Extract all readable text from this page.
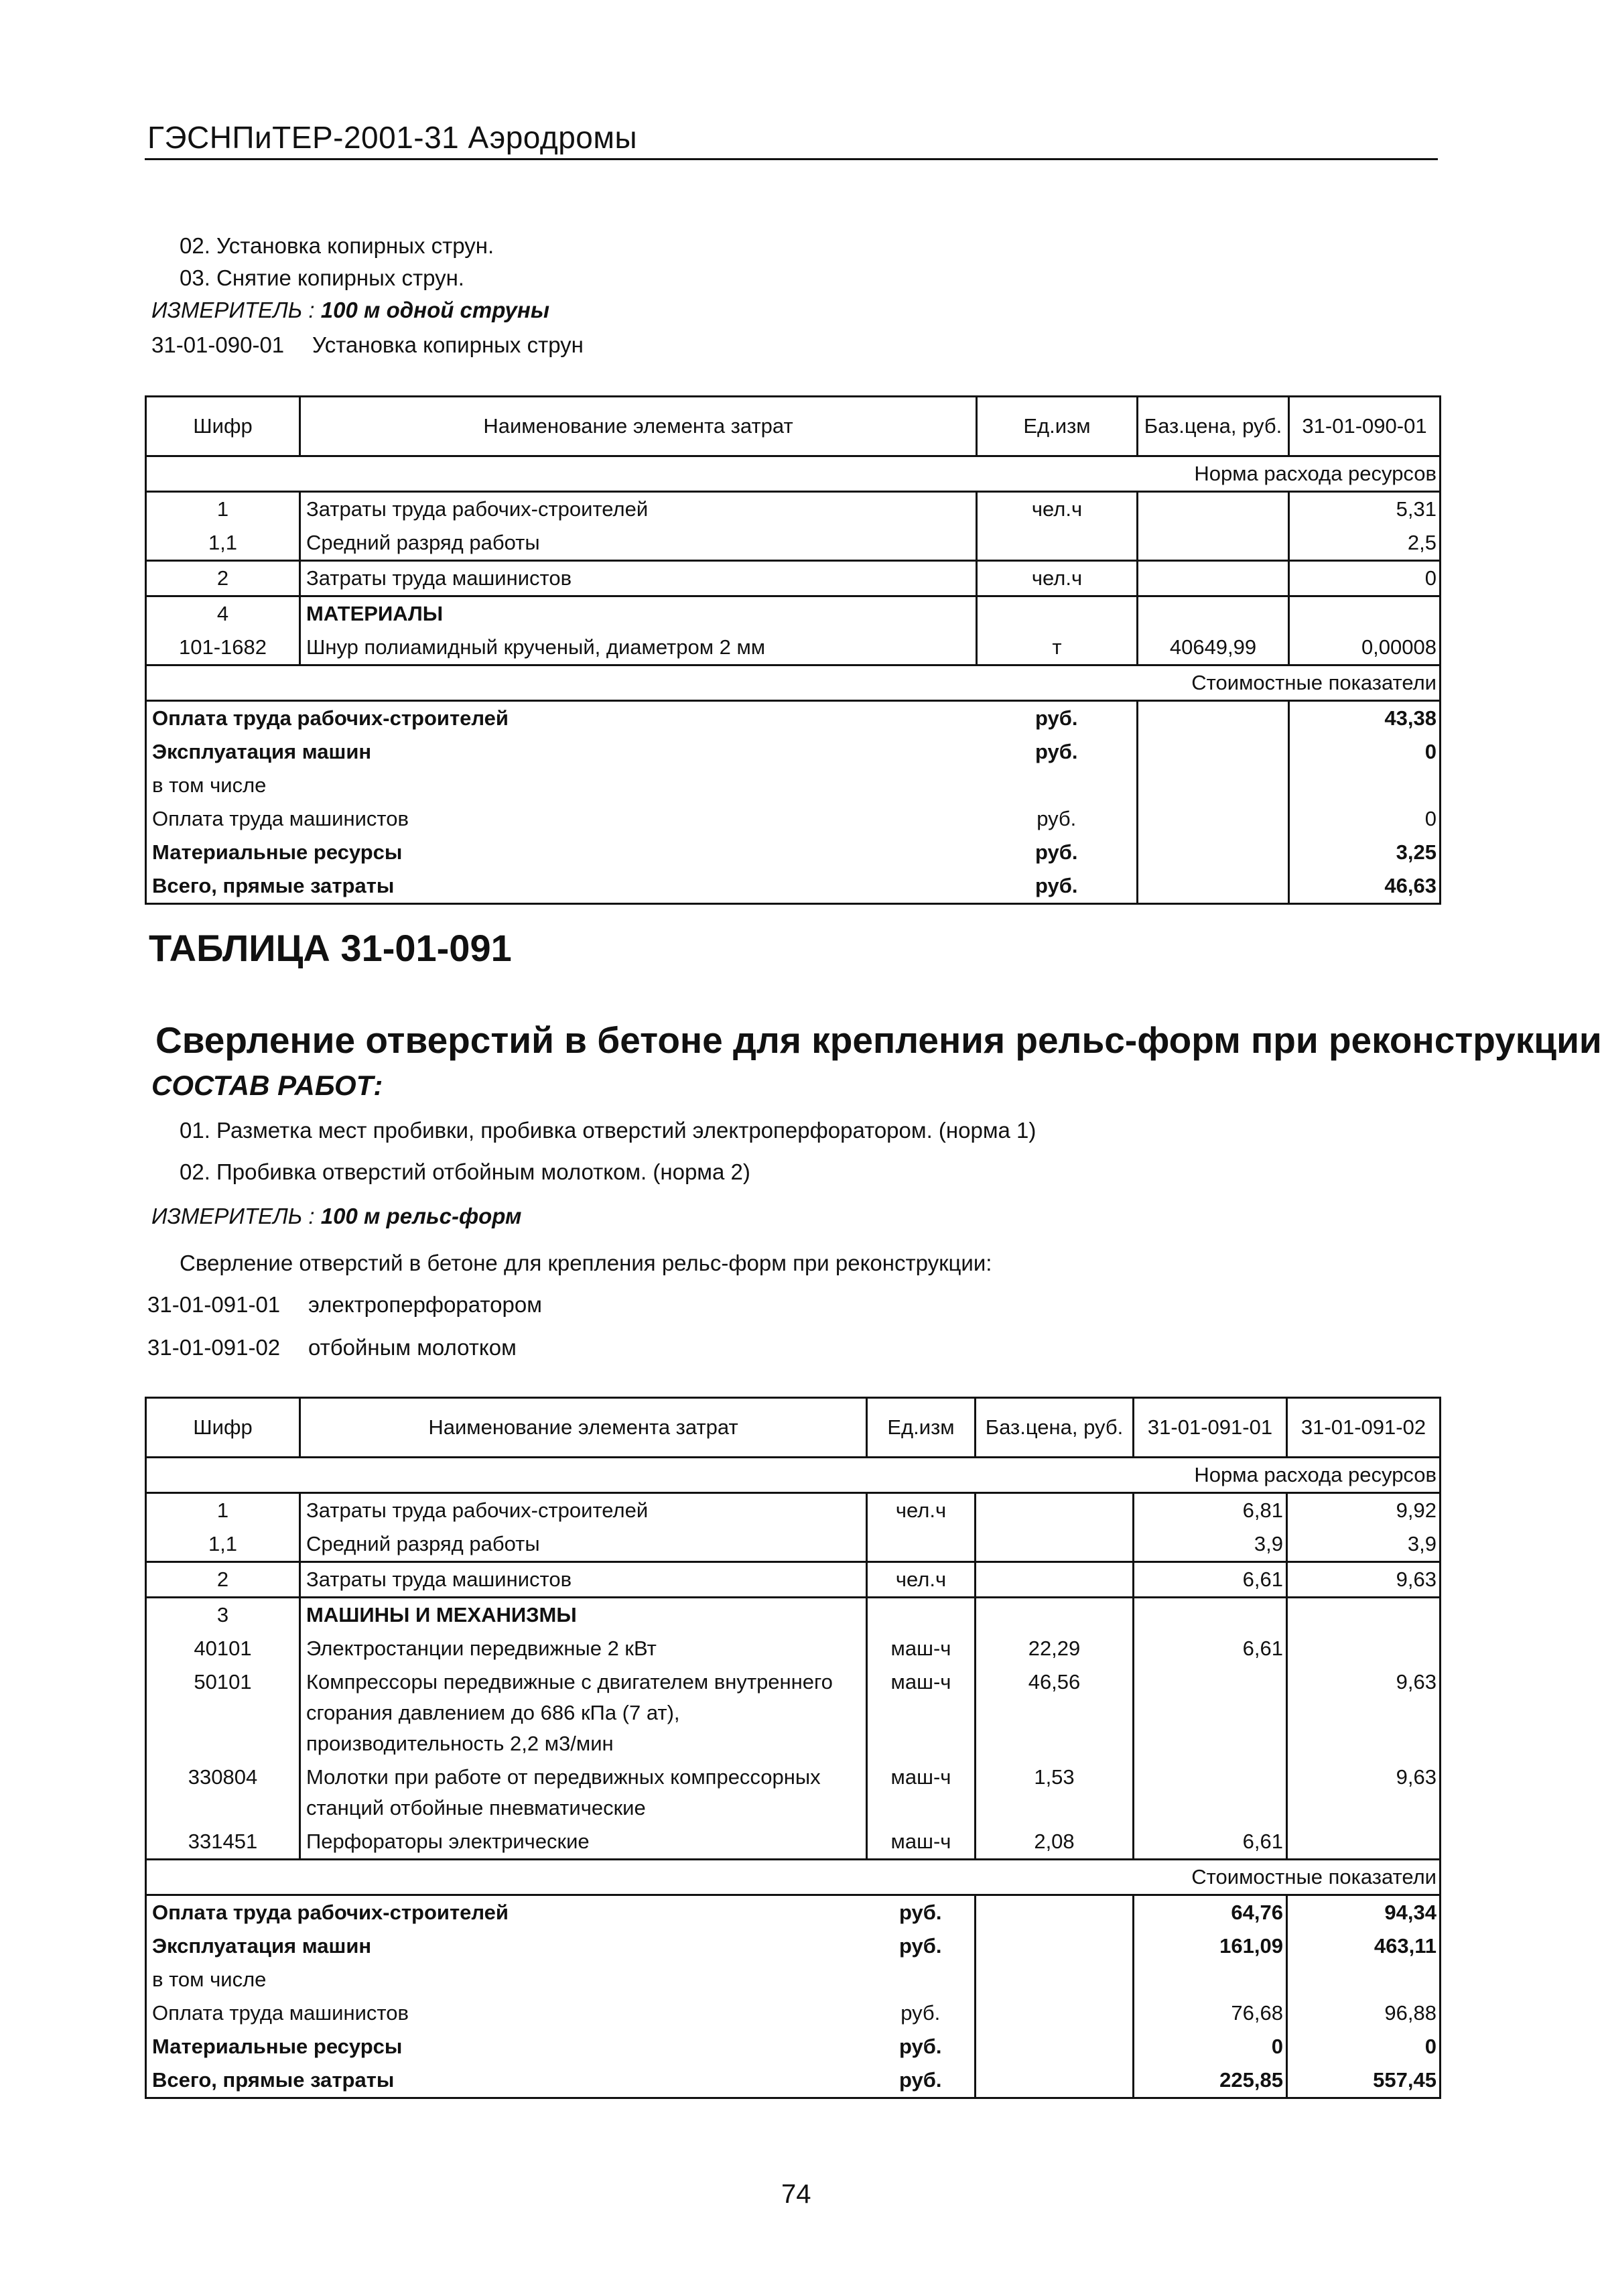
ГЭСНПиТЕР-2001-31 Аэродромы
02. Установка копирных струн.
03. Снятие копирных струн.
ИЗМЕРИТЕЛЬ : 100 м одной струны
31-01-090-01 Установка копирных струн
Шифр	Наименование элемента затрат	Ед.изм	Баз.цена, руб.	31-01-090-01
Норма расхода ресурсов				
1	Затраты труда рабочих-строителей	чел.ч		5,31
1,1	Средний разряд работы			2,5
2	Затраты труда машинистов	чел.ч		0
4	МАТЕРИАЛЫ			
101-1682	Шнур полиамидный крученый, диаметром 2 мм	т	40649,99	0,00008
Стоимостные показатели				
Оплата труда рабочих-строителей		руб.		43,38
Эксплуатация машин		руб.		0
в том числе				
Оплата труда машинистов		руб.		0
Материальные ресурсы		руб.		3,25
Всего, прямые затраты		руб.		46,63
ТАБЛИЦА 31-01-091
Сверление отверстий в бетоне для крепления рельс-форм при реконструкции
СОСТАВ РАБОТ:
01. Разметка мест пробивки, пробивка отверстий электроперфоратором. (норма 1)
02. Пробивка отверстий отбойным молотком. (норма 2)
ИЗМЕРИТЕЛЬ : 100 м рельс-форм
Сверление отверстий в бетоне для крепления рельс-форм при реконструкции:
31-01-091-01 электроперфоратором
31-01-091-02 отбойным молотком
Шифр	Наименование элемента затрат	Ед.изм	Баз.цена, руб.	31-01-091-01	31-01-091-02
Норма расхода ресурсов					
1	Затраты труда рабочих-строителей	чел.ч		6,81	9,92
1,1	Средний разряд работы			3,9	3,9
2	Затраты труда машинистов	чел.ч		6,61	9,63
3	МАШИНЫ И МЕХАНИЗМЫ				
40101	Электростанции передвижные 2 кВт	маш-ч	22,29	6,61	
50101	Компрессоры передвижные с двигателем внутреннего сгорания давлением до 686 кПа (7 ат), производительность 2,2 м3/мин	маш-ч	46,56		9,63
330804	Молотки при работе от передвижных компрессорных станций отбойные пневматические	маш-ч	1,53		9,63
331451	Перфораторы электрические	маш-ч	2,08	6,61	
Стоимостные показатели					
Оплата труда рабочих-строителей		руб.		64,76	94,34
Эксплуатация машин		руб.		161,09	463,11
в том числе					
Оплата труда машинистов		руб.		76,68	96,88
Материальные ресурсы		руб.		0	0
Всего, прямые затраты		руб.		225,85	557,45
74
